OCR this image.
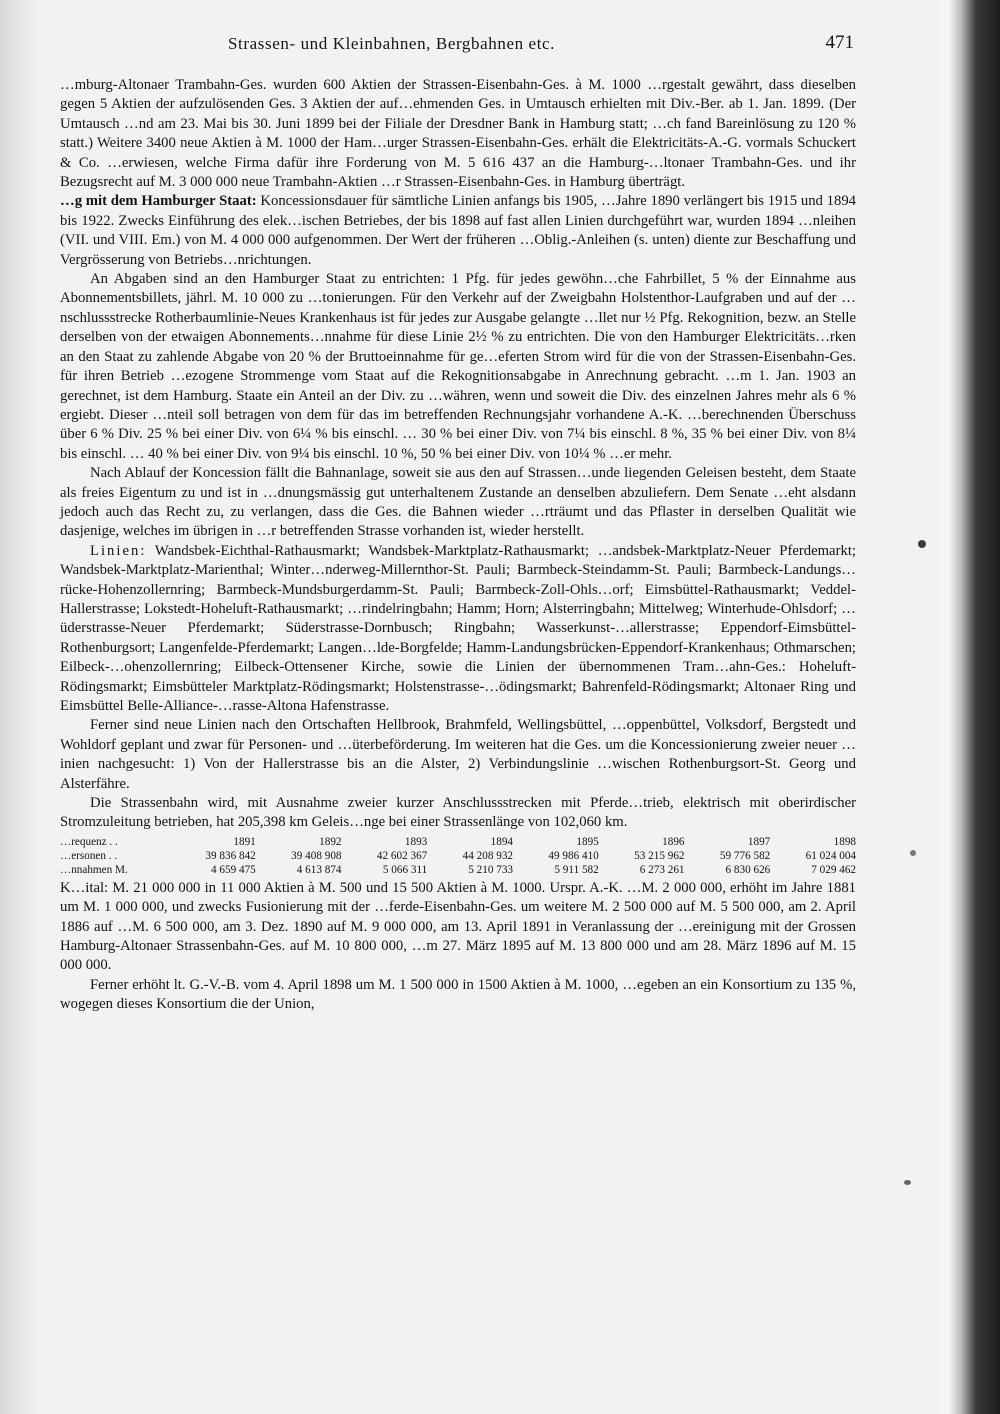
Strassen- und Kleinbahnen, Bergbahnen etc.	471

…mburg-Altonaer Trambahn-Ges. wurden 600 Aktien der Strassen-Eisenbahn-Ges. à M. 1000 …rgestalt gewährt, dass dieselben gegen 5 Aktien der aufzulösenden Ges. 3 Aktien der auf…ehmenden Ges. in Umtausch erhielten mit Div.-Ber. ab 1. Jan. 1899. (Der Umtausch …nd am 23. Mai bis 30. Juni 1899 bei der Filiale der Dresdner Bank in Hamburg statt; …ch fand Bareinlösung zu 120 % statt.) Weitere 3400 neue Aktien à M. 1000 der Ham…urger Strassen-Eisenbahn-Ges. erhält die Elektricitäts-A.-G. vormals Schuckert & Co. …erwiesen, welche Firma dafür ihre Forderung von M. 5 616 437 an die Hamburg-…ltonaer Trambahn-Ges. und ihr Bezugsrecht auf M. 3 000 000 neue Trambahn-Aktien …r Strassen-Eisenbahn-Ges. in Hamburg überträgt.

…g mit dem Hamburger Staat: Koncessionsdauer für sämtliche Linien anfangs bis 1905, …Jahre 1890 verlängert bis 1915 und 1894 bis 1922. Zwecks Einführung des elek…ischen Betriebes, der bis 1898 auf fast allen Linien durchgeführt war, wurden 1894 …nleihen (VII. und VIII. Em.) von M. 4 000 000 aufgenommen. Der Wert der früheren …Oblig.-Anleihen (s. unten) diente zur Beschaffung und Vergrösserung von Betriebs…nrichtungen.

An Abgaben sind an den Hamburger Staat zu entrichten: 1 Pfg. für jedes gewöhn…che Fahrbillet, 5 % der Einnahme aus Abonnementsbillets, jährl. M. 10 000 zu …tonierungen. Für den Verkehr auf der Zweigbahn Holstenthor-Laufgraben und auf der …nschlussstrecke Rotherbaumlinie-Neues Krankenhaus ist für jedes zur Ausgabe gelangte …llet nur ½ Pfg. Rekognition, bezw. an Stelle derselben von der etwaigen Abonnements…nnahme für diese Linie 2½ % zu entrichten. Die von den Hamburger Elektricitäts…rken an den Staat zu zahlende Abgabe von 20 % der Bruttoeinnahme für ge…eferten Strom wird für die von der Strassen-Eisenbahn-Ges. für ihren Betrieb …ezogene Strommenge vom Staat auf die Rekognitionsabgabe in Anrechnung gebracht. …m 1. Jan. 1903 an gerechnet, ist dem Hamburg. Staate ein Anteil an der Div. zu …währen, wenn und soweit die Div. des einzelnen Jahres mehr als 6 % ergiebt. Dieser …nteil soll betragen von dem für das im betreffenden Rechnungsjahr vorhandene A.-K. …berechnenden Überschuss über 6 % Div. 25 % bei einer Div. von 6¼ % bis einschl. … 30 % bei einer Div. von 7¼ bis einschl. 8 %, 35 % bei einer Div. von 8¼ bis einschl. … 40 % bei einer Div. von 9¼ bis einschl. 10 %, 50 % bei einer Div. von 10¼ % …er mehr.

Nach Ablauf der Koncession fällt die Bahnanlage, soweit sie aus den auf Strassen…unde liegenden Geleisen besteht, dem Staate als freies Eigentum zu und ist in …dnungsmässig gut unterhaltenem Zustande an denselben abzuliefern. Dem Senate …eht alsdann jedoch auch das Recht zu, zu verlangen, dass die Ges. die Bahnen wieder …rträumt und das Pflaster in derselben Qualität wie dasjenige, welches im übrigen in …r betreffenden Strasse vorhanden ist, wieder herstellt.

Linien: Wandsbek-Eichthal-Rathausmarkt; Wandsbek-Marktplatz-Rathausmarkt; …andsbek-Marktplatz-Neuer Pferdemarkt; Wandsbek-Marktplatz-Marienthal; Winter…nderweg-Millernthor-St. Pauli; Barmbeck-Steindamm-St. Pauli; Barmbeck-Landungs…rücke-Hohenzollernring; Barmbeck-Mundsburgerdamm-St. Pauli; Barmbeck-Zoll-Ohls…orf; Eimsbüttel-Rathausmarkt; Veddel-Hallerstrasse; Lokstedt-Hoheluft-Rathausmarkt; …rindelringbahn; Hamm; Horn; Alsterringbahn; Mittelweg; Winterhude-Ohlsdorf; …üderstrasse-Neuer Pferdemarkt; Süderstrasse-Dornbusch; Ringbahn; Wasserkunst-…allerstrasse; Eppendorf-Eimsbüttel-Rothenburgsort; Langenfelde-Pferdemarkt; Langen…lde-Borgfelde; Hamm-Landungsbrücken-Eppendorf-Krankenhaus; Othmarschen; Eilbeck-…ohenzollernring; Eilbeck-Ottensener Kirche, sowie die Linien der übernommenen Tram…ahn-Ges.: Hoheluft-Rödingsmarkt; Eimsbütteler Marktplatz-Rödingsmarkt; Holstenstrasse-…ödingsmarkt; Bahrenfeld-Rödingsmarkt; Altonaer Ring und Eimsbüttel Belle-Alliance-…rasse-Altona Hafenstrasse.

Ferner sind neue Linien nach den Ortschaften Hellbrook, Brahmfeld, Wellingsbüttel, …oppenbüttel, Volksdorf, Bergstedt und Wohldorf geplant und zwar für Personen- und …üterbeförderung. Im weiteren hat die Ges. um die Koncessionierung zweier neuer …inien nachgesucht: 1) Von der Hallerstrasse bis an die Alster, 2) Verbindungslinie …wischen Rothenburgsort-St. Georg und Alsterfähre.

Die Strassenbahn wird, mit Ausnahme zweier kurzer Anschlussstrecken mit Pferde…trieb, elektrisch mit oberirdischer Stromzuleitung betrieben, hat 205,398 km Geleis…nge bei einer Strassenlänge von 102,060 km.

…requenz . .	1891	1892	1893	1894	1895	1896	1897	1898
…ersonen . .	39 836 842	39 408 908	42 602 367	44 208 932	49 986 410	53 215 962	59 776 582	61 024 004
…nnahmen M.	4 659 475	4 613 874	5 066 311	5 210 733	5 911 582	6 273 261	6 830 626	7 029 462

K…ital: M. 21 000 000 in 11 000 Aktien à M. 500 und 15 500 Aktien à M. 1000. Urspr. A.-K. …M. 2 000 000, erhöht im Jahre 1881 um M. 1 000 000, und zwecks Fusionierung mit der …ferde-Eisenbahn-Ges. um weitere M. 2 500 000 auf M. 5 500 000, am 2. April 1886 auf …M. 6 500 000, am 3. Dez. 1890 auf M. 9 000 000, am 13. April 1891 in Veranlassung der …ereinigung mit der Grossen Hamburg-Altonaer Strassenbahn-Ges. auf M. 10 800 000, …m 27. März 1895 auf M. 13 800 000 und am 28. März 1896 auf M. 15 000 000.

Ferner erhöht lt. G.-V.-B. vom 4. April 1898 um M. 1 500 000 in 1500 Aktien à M. 1000, …egeben an ein Konsortium zu 135 %, wogegen dieses Konsortium die der Union,
